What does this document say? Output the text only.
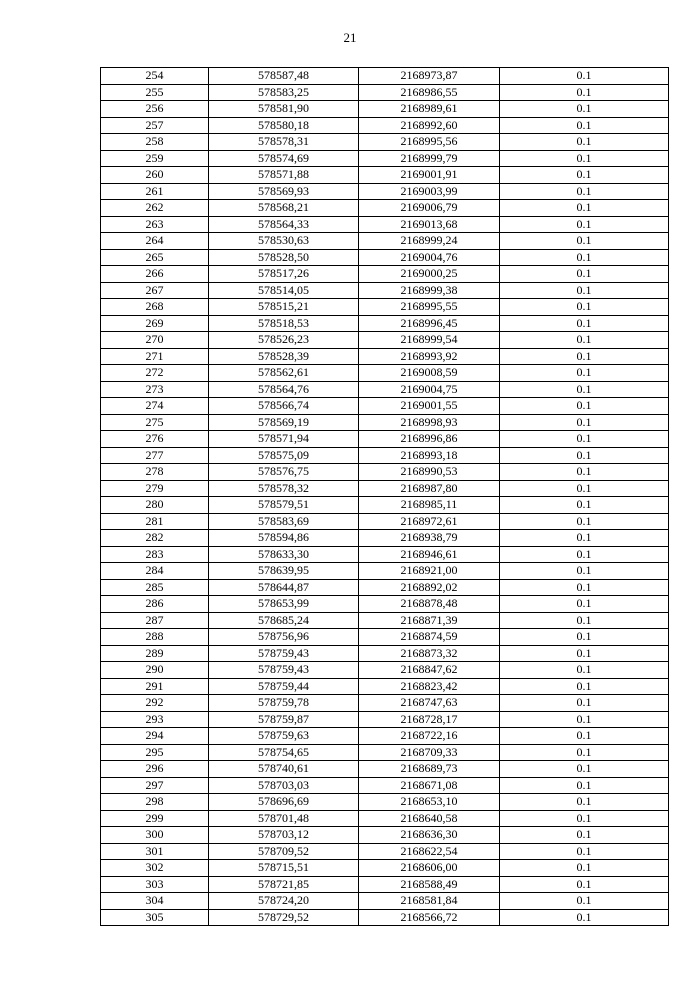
21
254	578587,48	2168973,87	0.1
255	578583,25	2168986,55	0.1
256	578581,90	2168989,61	0.1
257	578580,18	2168992,60	0.1
258	578578,31	2168995,56	0.1
259	578574,69	2168999,79	0.1
260	578571,88	2169001,91	0.1
261	578569,93	2169003,99	0.1
262	578568,21	2169006,79	0.1
263	578564,33	2169013,68	0.1
264	578530,63	2168999,24	0.1
265	578528,50	2169004,76	0.1
266	578517,26	2169000,25	0.1
267	578514,05	2168999,38	0.1
268	578515,21	2168995,55	0.1
269	578518,53	2168996,45	0.1
270	578526,23	2168999,54	0.1
271	578528,39	2168993,92	0.1
272	578562,61	2169008,59	0.1
273	578564,76	2169004,75	0.1
274	578566,74	2169001,55	0.1
275	578569,19	2168998,93	0.1
276	578571,94	2168996,86	0.1
277	578575,09	2168993,18	0.1
278	578576,75	2168990,53	0.1
279	578578,32	2168987,80	0.1
280	578579,51	2168985,11	0.1
281	578583,69	2168972,61	0.1
282	578594,86	2168938,79	0.1
283	578633,30	2168946,61	0.1
284	578639,95	2168921,00	0.1
285	578644,87	2168892,02	0.1
286	578653,99	2168878,48	0.1
287	578685,24	2168871,39	0.1
288	578756,96	2168874,59	0.1
289	578759,43	2168873,32	0.1
290	578759,43	2168847,62	0.1
291	578759,44	2168823,42	0.1
292	578759,78	2168747,63	0.1
293	578759,87	2168728,17	0.1
294	578759,63	2168722,16	0.1
295	578754,65	2168709,33	0.1
296	578740,61	2168689,73	0.1
297	578703,03	2168671,08	0.1
298	578696,69	2168653,10	0.1
299	578701,48	2168640,58	0.1
300	578703,12	2168636,30	0.1
301	578709,52	2168622,54	0.1
302	578715,51	2168606,00	0.1
303	578721,85	2168588,49	0.1
304	578724,20	2168581,84	0.1
305	578729,52	2168566,72	0.1
